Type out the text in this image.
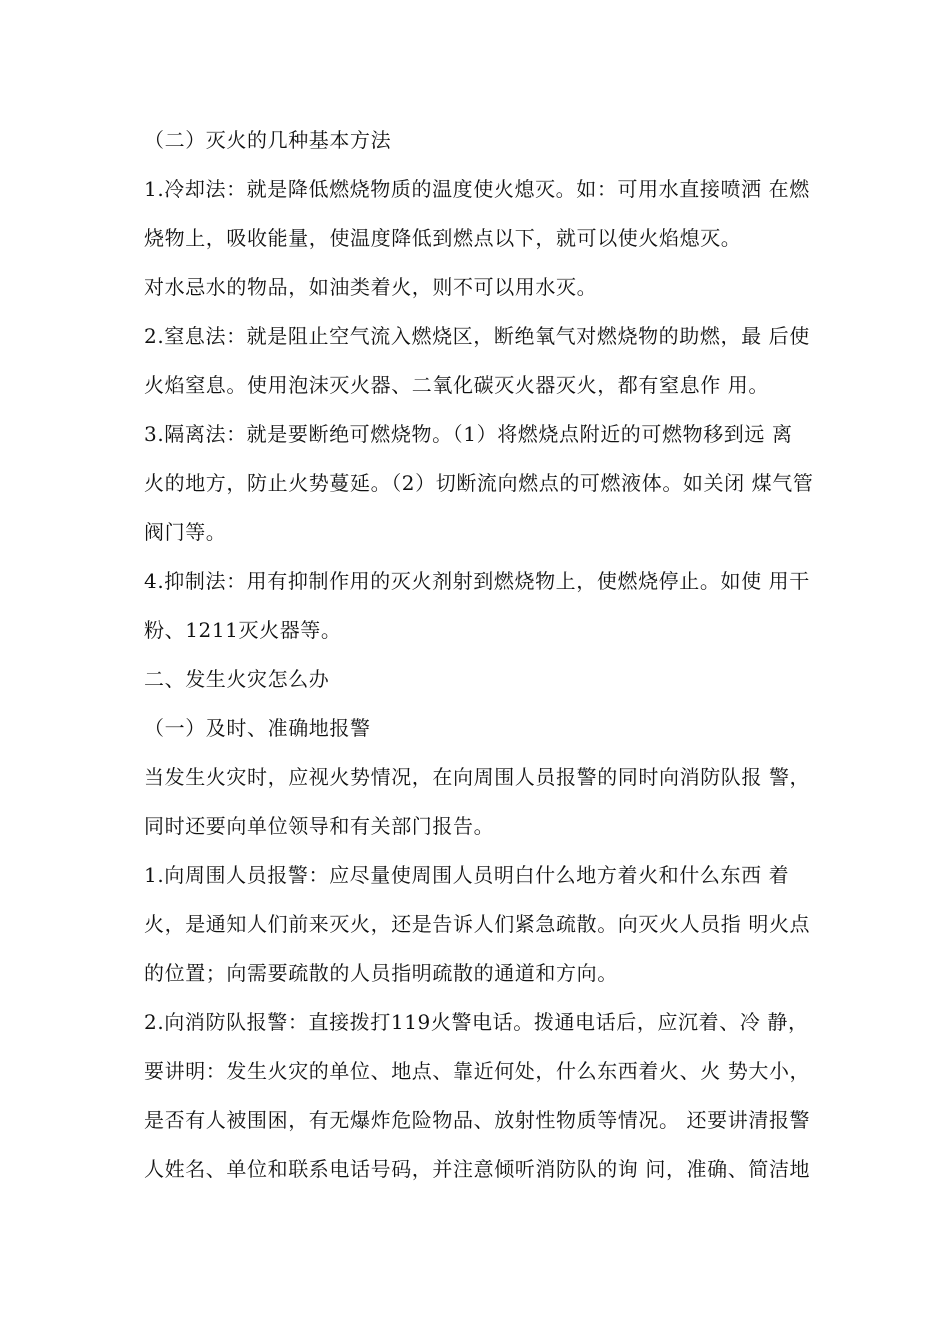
（二）灭火的几种基本方法
1.冷却法：就是降低燃烧物质的温度使火熄灭。如：可用水直接喷洒 在燃
烧物上，吸收能量，使温度降低到燃点以下，就可以使火焰熄灭。
对水忌水的物品，如油类着火，则不可以用水灭。
2.窒息法：就是阻止空气流入燃烧区，断绝氧气对燃烧物的助燃，最 后使
火焰窒息。使用泡沫灭火器、二氧化碳灭火器灭火，都有窒息作 用。
3.隔离法：就是要断绝可燃烧物。（1）将燃烧点附近的可燃物移到远 离
火的地方，防止火势蔓延。（2）切断流向燃点的可燃液体。如关闭 煤气管
阀门等。
4.抑制法：用有抑制作用的灭火剂射到燃烧物上，使燃烧停止。如使 用干
粉、1211灭火器等。
二、发生火灾怎么办
（一）及时、准确地报警
当发生火灾时，应视火势情况，在向周围人员报警的同时向消防队报 警，
同时还要向单位领导和有关部门报告。
1.向周围人员报警：应尽量使周围人员明白什么地方着火和什么东西 着
火，是通知人们前来灭火，还是告诉人们紧急疏散。向灭火人员指 明火点
的位置；向需要疏散的人员指明疏散的通道和方向。
2.向消防队报警：直接拨打119火警电话。拨通电话后，应沉着、冷 静，
要讲明：发生火灾的单位、地点、靠近何处，什么东西着火、火 势大小，
是否有人被围困，有无爆炸危险物品、放射性物质等情况。 还要讲清报警
人姓名、单位和联系电话号码，并注意倾听消防队的询 问，准确、简洁地
